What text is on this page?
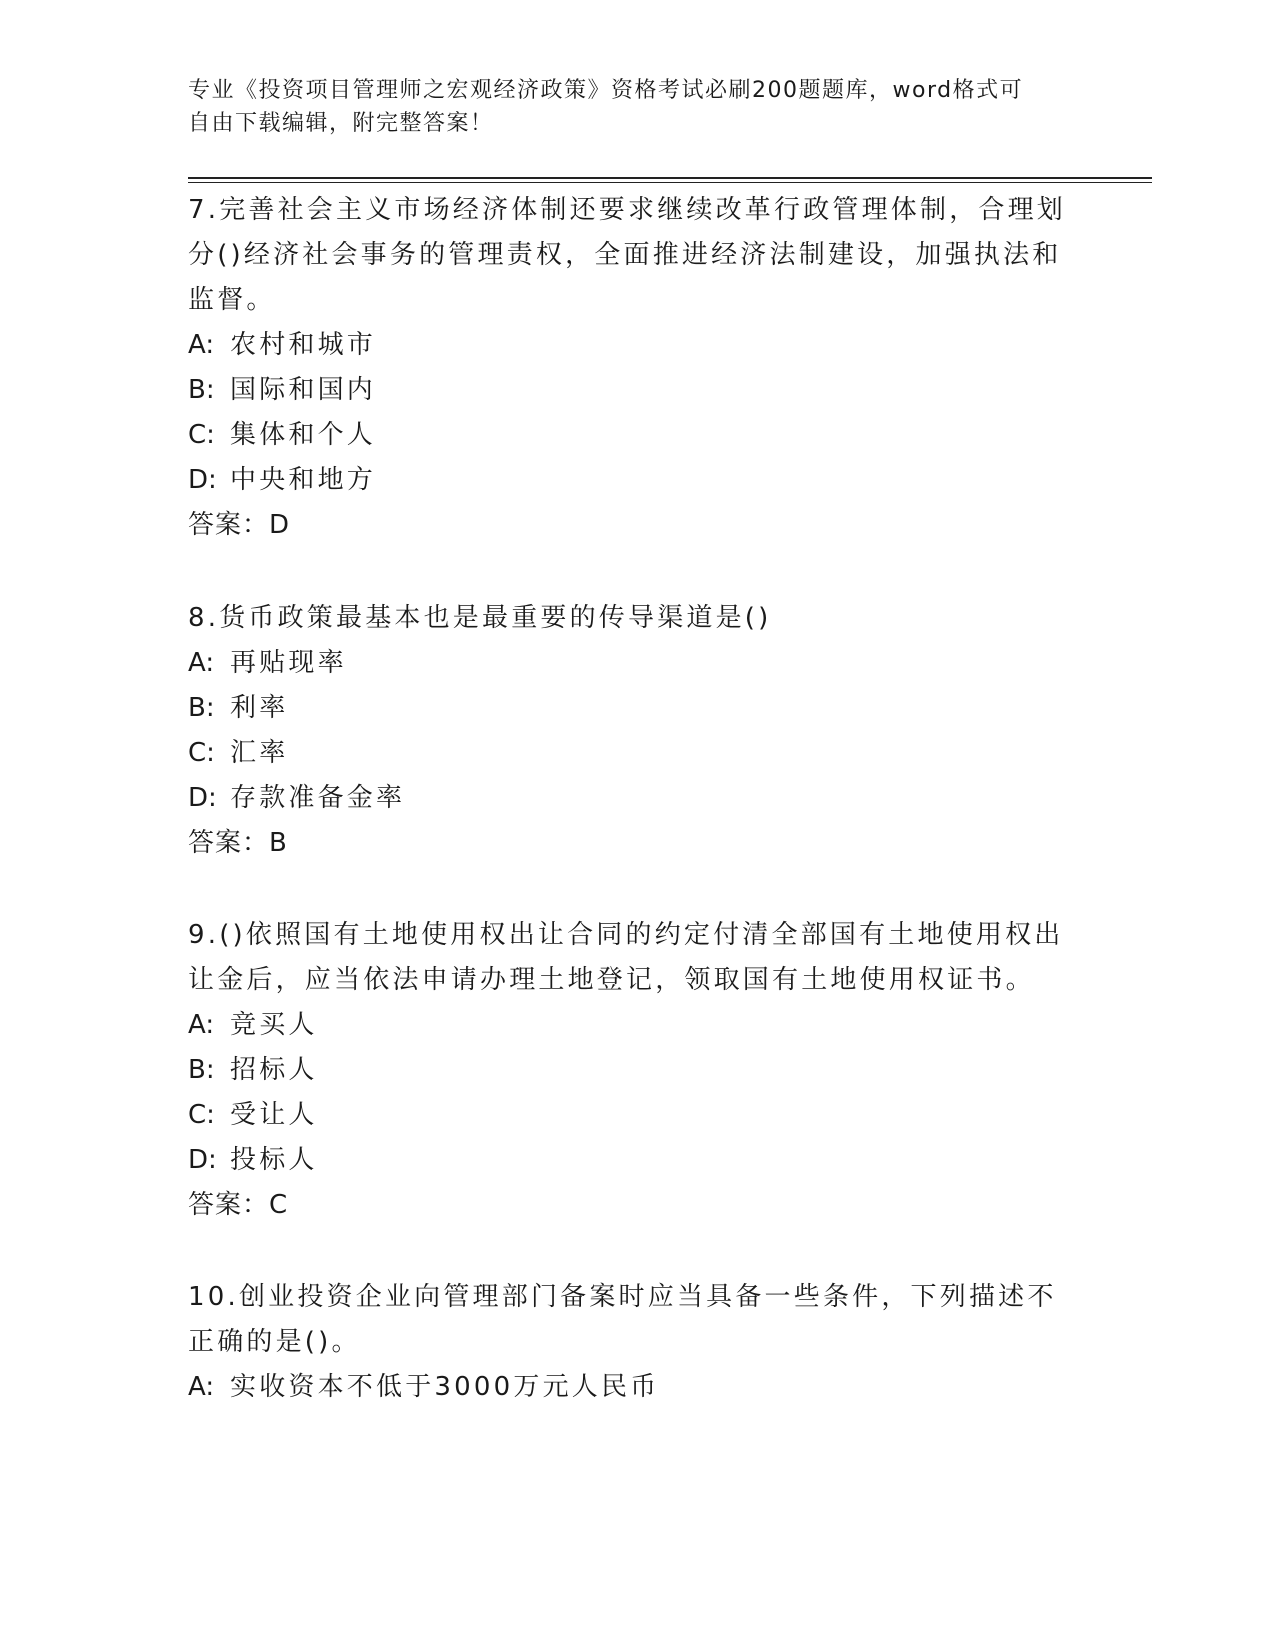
专业《投资项目管理师之宏观经济政策》资格考试必刷200题题库，word格式可
自由下载编辑，附完整答案！

7.完善社会主义市场经济体制还要求继续改革行政管理体制，合理划分()经济社会事务的管理责权，全面推进经济法制建设，加强执法和监督。

A: 农村和城市

B: 国际和国内

C: 集体和个人

D: 中央和地方

答案：D

8.货币政策最基本也是最重要的传导渠道是()

A: 再贴现率

B: 利率

C: 汇率

D: 存款准备金率

答案：B

9.()依照国有土地使用权出让合同的约定付清全部国有土地使用权出让金后，应当依法申请办理土地登记，领取国有土地使用权证书。

A: 竞买人

B: 招标人

C: 受让人

D: 投标人

答案：C

10.创业投资企业向管理部门备案时应当具备一些条件，下列描述不正确的是()。

A: 实收资本不低于3000万元人民币
